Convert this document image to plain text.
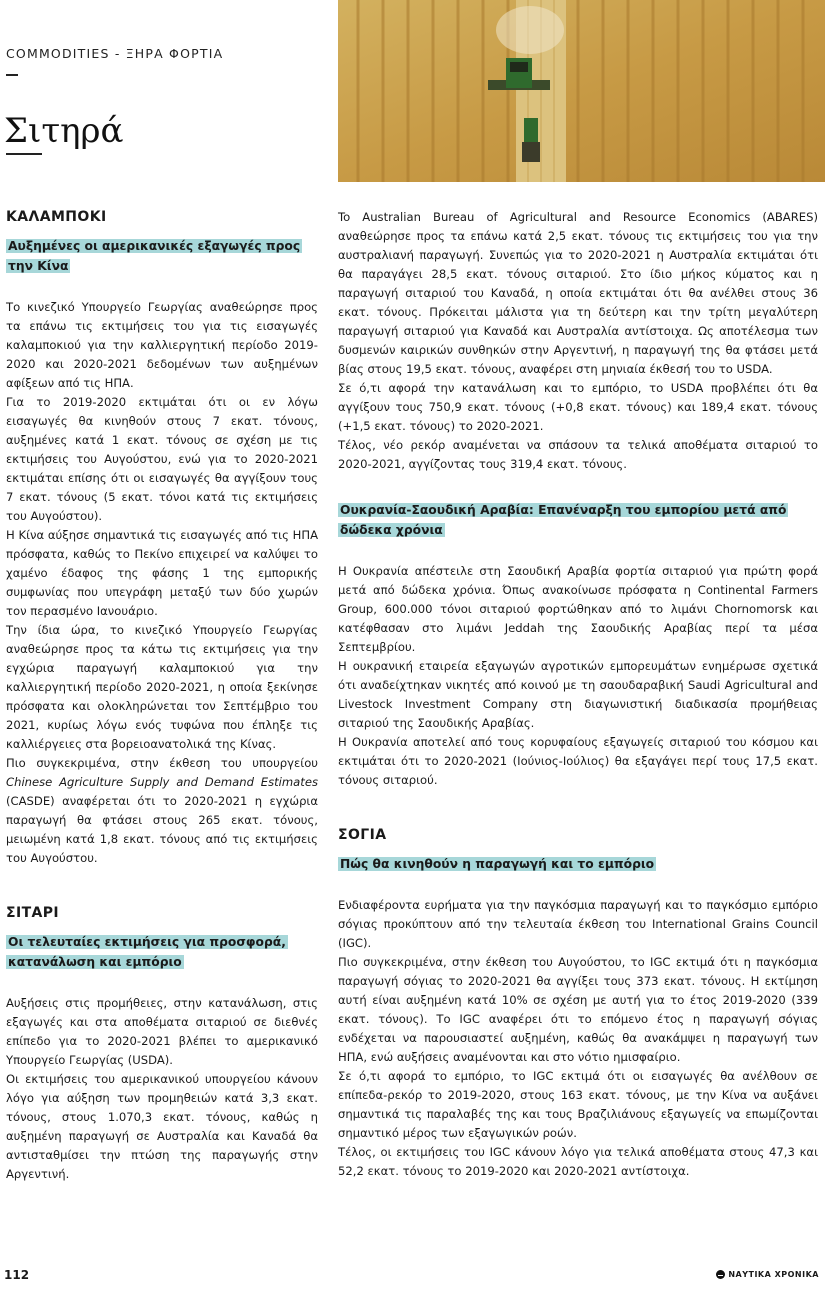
COMMODITIES - ΞΗΡΑ ΦΟΡΤΙΑ
Σιτηρά
ΚΑΛΑΜΠΟΚΙ
Αυξημένες οι αμερικανικές εξαγωγές προς την Κίνα

Το κινεζικό Υπουργείο Γεωργίας αναθεώρησε προς τα επάνω τις εκτιμήσεις του για τις εισαγωγές καλαμποκιού για την καλλιεργητική περίοδο 2019-2020 και 2020-2021 δεδομένων των αυξημένων αφίξεων από τις ΗΠΑ.

Για το 2019-2020 εκτιμάται ότι οι εν λόγω εισαγωγές θα κινηθούν στους 7 εκατ. τόνους, αυξημένες κατά 1 εκατ. τόνους σε σχέση με τις εκτιμήσεις του Αυγούστου, ενώ για το 2020-2021 εκτιμάται επίσης ότι οι εισαγωγές θα αγγίξουν τους 7 εκατ. τόνους (5 εκατ. τόνοι κατά τις εκτιμήσεις του Αυγούστου).

Η Κίνα αύξησε σημαντικά τις εισαγωγές από τις ΗΠΑ πρόσφατα, καθώς το Πεκίνο επιχειρεί να καλύψει το χαμένο έδαφος της φάσης 1 της εμπορικής συμφωνίας που υπεγράφη μεταξύ των δύο χωρών τον περασμένο Ιανουάριο.

Την ίδια ώρα, το κινεζικό Υπουργείο Γεωργίας αναθεώρησε προς τα κάτω τις εκτιμήσεις για την εγχώρια παραγωγή καλαμποκιού για την καλλιεργητική περίοδο 2020-2021, η οποία ξεκίνησε πρόσφατα και ολοκληρώνεται τον Σεπτέμβριο του 2021, κυρίως λόγω ενός τυφώνα που έπληξε τις καλλιέργειες στα βορειοανατολικά της Κίνας.

Πιο συγκεκριμένα, στην έκθεση του υπουργείου Chinese Agriculture Supply and Demand Estimates (CASDE) αναφέρεται ότι το 2020-2021 η εγχώρια παραγωγή θα φτάσει στους 265 εκατ. τόνους, μειωμένη κατά 1,8 εκατ. τόνους από τις εκτιμήσεις του Αυγούστου.

ΣΙΤΑΡΙ
Οι τελευταίες εκτιμήσεις για προσφορά, κατανάλωση και εμπόριο

Αυξήσεις στις προμήθειες, στην κατανάλωση, στις εξαγωγές και στα αποθέματα σιταριού σε διεθνές επίπεδο για το 2020-2021 βλέπει το αμερικανικό Υπουργείο Γεωργίας (USDA).

Οι εκτιμήσεις του αμερικανικού υπουργείου κάνουν λόγο για αύξηση των προμηθειών κατά 3,3 εκατ. τόνους, στους 1.070,3 εκατ. τόνους, καθώς η αυξημένη παραγωγή σε Αυστραλία και Καναδά θα αντισταθμίσει την πτώση της παραγωγής στην Αργεντινή.

To Australian Bureau of Agricultural and Resource Economics (ABARES) αναθεώρησε προς τα επάνω κατά 2,5 εκατ. τόνους τις εκτιμήσεις του για την αυστραλιανή παραγωγή. Συνεπώς για το 2020-2021 η Αυστραλία εκτιμάται ότι θα παραγάγει 28,5 εκατ. τόνους σιταριού. Στο ίδιο μήκος κύματος και η παραγωγή σιταριού του Καναδά, η οποία εκτιμάται ότι θα ανέλθει στους 36 εκατ. τόνους. Πρόκειται μάλιστα για τη δεύτερη και την τρίτη μεγαλύτερη παραγωγή σιταριού για Καναδά και Αυστραλία αντίστοιχα. Ως αποτέλεσμα των δυσμενών καιρικών συνθηκών στην Αργεντινή, η παραγωγή της θα φτάσει μετά βίας στους 19,5 εκατ. τόνους, αναφέρει στη μηνιαία έκθεσή του το USDA.

Σε ό,τι αφορά την κατανάλωση και το εμπόριο, το USDA προβλέπει ότι θα αγγίξουν τους 750,9 εκατ. τόνους (+0,8 εκατ. τόνους) και 189,4 εκατ. τόνους (+1,5 εκατ. τόνους) το 2020-2021.

Τέλος, νέο ρεκόρ αναμένεται να σπάσουν τα τελικά αποθέματα σιταριού το 2020-2021, αγγίζοντας τους 319,4 εκατ. τόνους.

Ουκρανία-Σαουδική Αραβία: Επανέναρξη του εμπορίου μετά από δώδεκα χρόνια

Η Ουκρανία απέστειλε στη Σαουδική Αραβία φορτία σιταριού για πρώτη φορά μετά από δώδεκα χρόνια. Όπως ανακοίνωσε πρόσφατα η Continental Farmers Group, 600.000 τόνοι σιταριού φορτώθηκαν από το λιμάνι Chornomorsk και κατέφθασαν στο λιμάνι Jeddah της Σαουδικής Αραβίας περί τα μέσα Σεπτεμβρίου.

Η ουκρανική εταιρεία εξαγωγών αγροτικών εμπορευμάτων ενημέρωσε σχετικά ότι αναδείχτηκαν νικητές από κοινού με τη σαουδαραβική Saudi Agricultural and Livestock Investment Company στη διαγωνιστική διαδικασία προμήθειας σιταριού της Σαουδικής Αραβίας.

Η Ουκρανία αποτελεί από τους κορυφαίους εξαγωγείς σιταριού του κόσμου και εκτιμάται ότι το 2020-2021 (Ιούνιος-Ιούλιος) θα εξαγάγει περί τους 17,5 εκατ. τόνους σιταριού.

ΣΟΓΙΑ
Πώς θα κινηθούν η παραγωγή και το εμπόριο

Ενδιαφέροντα ευρήματα για την παγκόσμια παραγωγή και το παγκόσμιο εμπόριο σόγιας προκύπτουν από την τελευταία έκθεση του International Grains Council (IGC).

Πιο συγκεκριμένα, στην έκθεση του Αυγούστου, το IGC εκτιμά ότι η παγκόσμια παραγωγή σόγιας το 2020-2021 θα αγγίξει τους 373 εκατ. τόνους. Η εκτίμηση αυτή είναι αυξημένη κατά 10% σε σχέση με αυτή για το έτος 2019-2020 (339 εκατ. τόνους). Το IGC αναφέρει ότι το επόμενο έτος η παραγωγή σόγιας ενδέχεται να παρουσιαστεί αυξημένη, καθώς θα ανακάμψει η παραγωγή των ΗΠΑ, ενώ αυξήσεις αναμένονται και στο νότιο ημισφαίριο.

Σε ό,τι αφορά το εμπόριο, το IGC εκτιμά ότι οι εισαγωγές θα ανέλθουν σε επίπεδα-ρεκόρ το 2019-2020, στους 163 εκατ. τόνους, με την Κίνα να αυξάνει σημαντικά τις παραλαβές της και τους Βραζιλιάνους εξαγωγείς να επωμίζονται σημαντικό μέρος των εξαγωγικών ροών.

Τέλος, οι εκτιμήσεις του IGC κάνουν λόγο για τελικά αποθέματα στους 47,3 και 52,2 εκατ. τόνους το 2019-2020 και 2020-2021 αντίστοιχα.

112	ΝΑΥΤΙΚΑ ΧΡΟΝΙΚΑ
